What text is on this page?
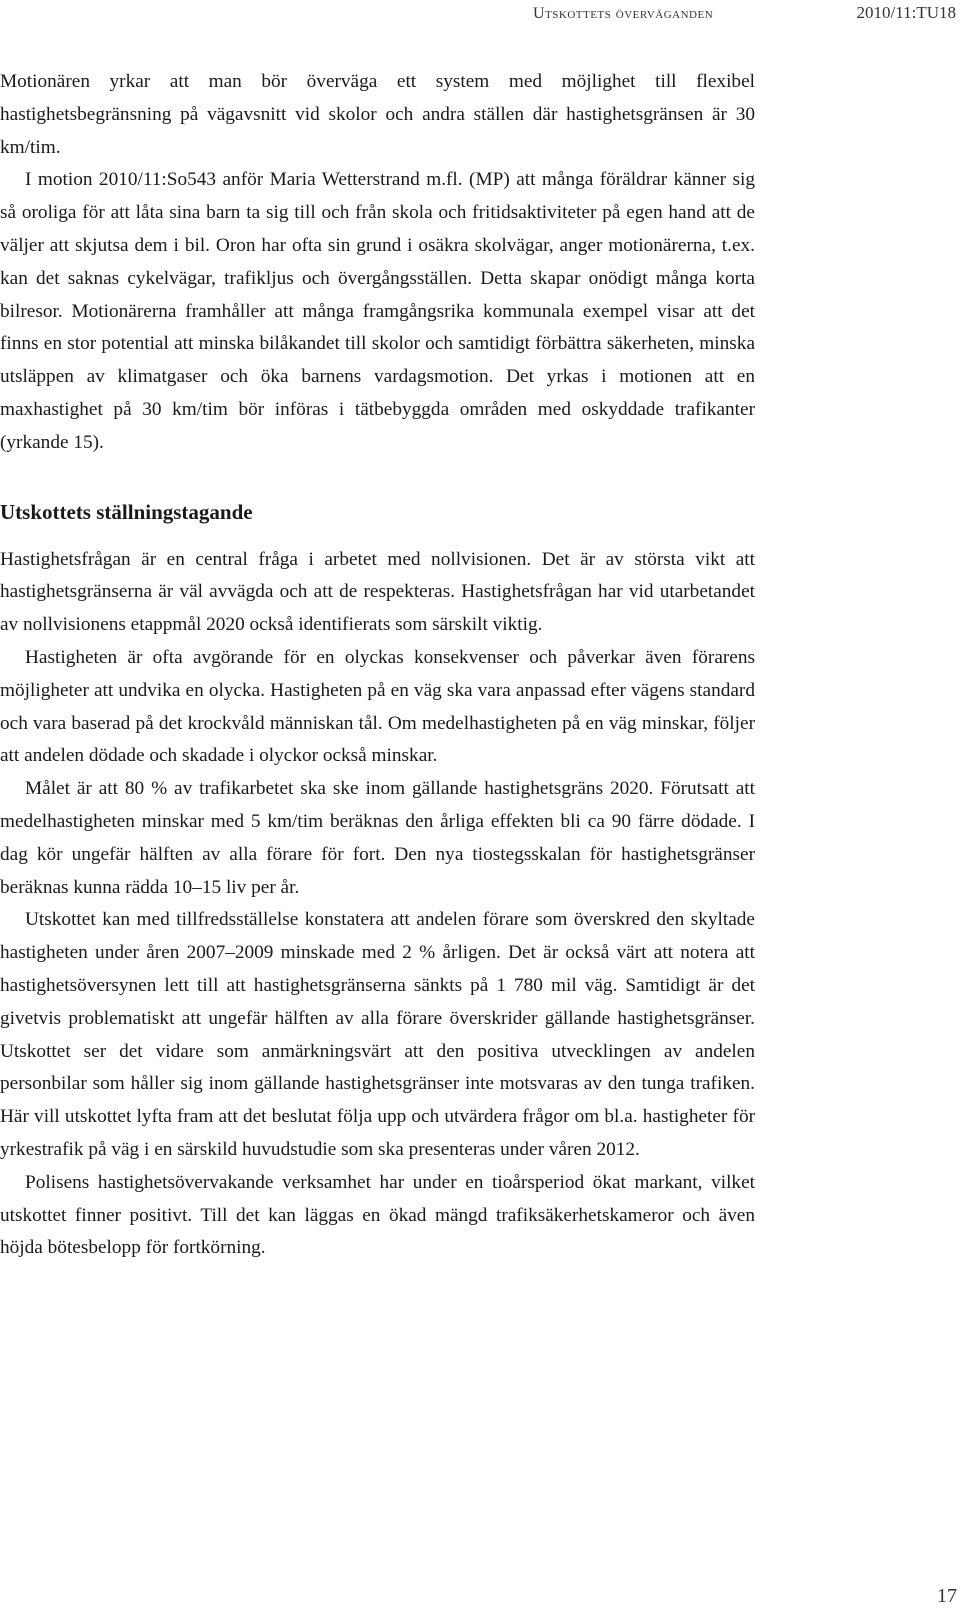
Utskottets överväganden	2010/11:TU18

Motionären yrkar att man bör överväga ett system med möjlighet till flexibel hastighetsbegränsning på vägavsnitt vid skolor och andra ställen där hastighetsgränsen är 30 km/tim.

I motion 2010/11:So543 anför Maria Wetterstrand m.fl. (MP) att många föräldrar känner sig så oroliga för att låta sina barn ta sig till och från skola och fritidsaktiviteter på egen hand att de väljer att skjutsa dem i bil. Oron har ofta sin grund i osäkra skolvägar, anger motionärerna, t.ex. kan det saknas cykelvägar, trafikljus och övergångsställen. Detta skapar onödigt många korta bilresor. Motionärerna framhåller att många framgångsrika kommunala exempel visar att det finns en stor potential att minska bilåkandet till skolor och samtidigt förbättra säkerheten, minska utsläppen av klimatgaser och öka barnens vardagsmotion. Det yrkas i motionen att en maxhastighet på 30 km/tim bör införas i tätbebyggda områden med oskyddade trafikanter (yrkande 15).

Utskottets ställningstagande

Hastighetsfrågan är en central fråga i arbetet med nollvisionen. Det är av största vikt att hastighetsgränserna är väl avvägda och att de respekteras. Hastighetsfrågan har vid utarbetandet av nollvisionens etappmål 2020 också identifierats som särskilt viktig.

Hastigheten är ofta avgörande för en olyckas konsekvenser och påverkar även förarens möjligheter att undvika en olycka. Hastigheten på en väg ska vara anpassad efter vägens standard och vara baserad på det krockvåld människan tål. Om medelhastigheten på en väg minskar, följer att andelen dödade och skadade i olyckor också minskar.

Målet är att 80 % av trafikarbetet ska ske inom gällande hastighetsgräns 2020. Förutsatt att medelhastigheten minskar med 5 km/tim beräknas den årliga effekten bli ca 90 färre dödade. I dag kör ungefär hälften av alla förare för fort. Den nya tiostegsskalan för hastighetsgränser beräknas kunna rädda 10–15 liv per år.

Utskottet kan med tillfredsställelse konstatera att andelen förare som överskred den skyltade hastigheten under åren 2007–2009 minskade med 2 % årligen. Det är också värt att notera att hastighetsöversynen lett till att hastighetsgränserna sänkts på 1 780 mil väg. Samtidigt är det givetvis problematiskt att ungefär hälften av alla förare överskrider gällande hastighetsgränser. Utskottet ser det vidare som anmärkningsvärt att den positiva utvecklingen av andelen personbilar som håller sig inom gällande hastighetsgränser inte motsvaras av den tunga trafiken. Här vill utskottet lyfta fram att det beslutat följa upp och utvärdera frågor om bl.a. hastigheter för yrkestrafik på väg i en särskild huvudstudie som ska presenteras under våren 2012.

Polisens hastighetsövervakande verksamhet har under en tioårsperiod ökat markant, vilket utskottet finner positivt. Till det kan läggas en ökad mängd trafiksäkerhetskameror och även höjda bötesbelopp för fortkörning.

17
